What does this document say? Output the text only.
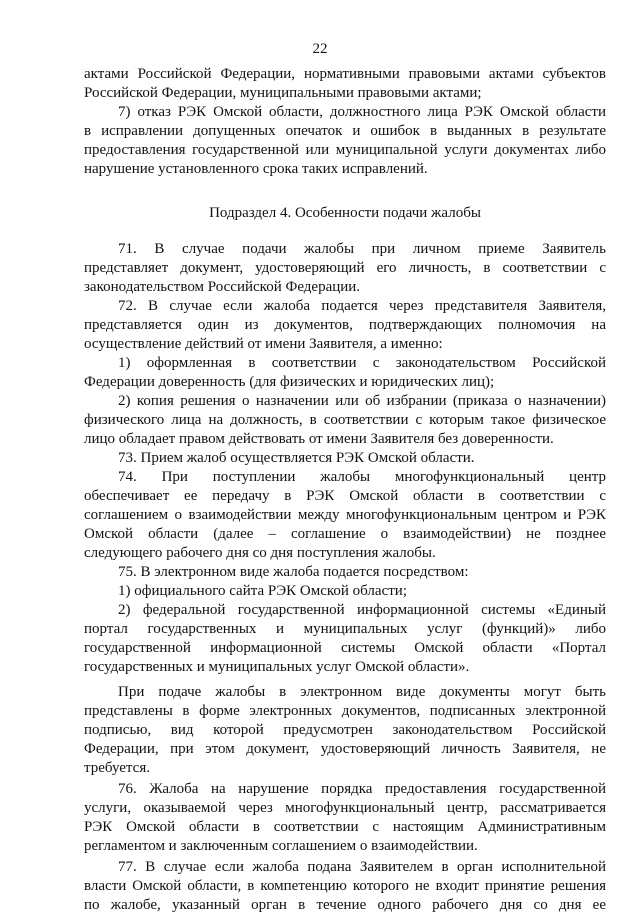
22
актами Российской Федерации, нормативными правовыми актами субъектов
Российской Федерации, муниципальными правовыми актами;
7) отказ РЭК Омской области, должностного лица РЭК Омской области
в исправлении допущенных опечаток и ошибок в выданных в результате
предоставления государственной или муниципальной услуги документах либо
нарушение установленного срока таких исправлений.
Подраздел 4. Особенности подачи жалобы
71. В случае подачи жалобы при личном приеме Заявитель
представляет документ, удостоверяющий его личность, в соответствии с
законодательством Российской Федерации.
72. В случае если жалоба подается через представителя Заявителя,
представляется один из документов, подтверждающих полномочия на
осуществление действий от имени Заявителя, а именно:
1) оформленная в соответствии с законодательством Российской
Федерации доверенность (для физических и юридических лиц);
2) копия решения о назначении или об избрании (приказа о назначении)
физического лица на должность, в соответствии с которым такое физическое
лицо обладает правом действовать от имени Заявителя без доверенности.
73. Прием жалоб осуществляется РЭК Омской области.
74. При поступлении жалобы многофункциональный центр
обеспечивает ее передачу в РЭК Омской области в соответствии с
соглашением о взаимодействии между многофункциональным центром и РЭК
Омской области (далее – соглашение о взаимодействии) не позднее
следующего рабочего дня со дня поступления жалобы.
75. В электронном виде жалоба подается посредством:
1) официального сайта РЭК Омской области;
2) федеральной государственной информационной системы «Единый
портал государственных и муниципальных услуг (функций)» либо
государственной информационной системы Омской области «Портал
государственных и муниципальных услуг Омской области».
При подаче жалобы в электронном виде документы могут быть
представлены в форме электронных документов, подписанных электронной
подписью, вид которой предусмотрен законодательством Российской
Федерации, при этом документ, удостоверяющий личность Заявителя, не
требуется.
76. Жалоба на нарушение порядка предоставления государственной
услуги, оказываемой через многофункциональный центр, рассматривается
РЭК Омской области в соответствии с настоящим Административным
регламентом и заключенным соглашением о взаимодействии.
77. В случае если жалоба подана Заявителем в орган исполнительной
власти Омской области, в компетенцию которого не входит принятие решения
по жалобе, указанный орган в течение одного рабочего дня со дня ее
